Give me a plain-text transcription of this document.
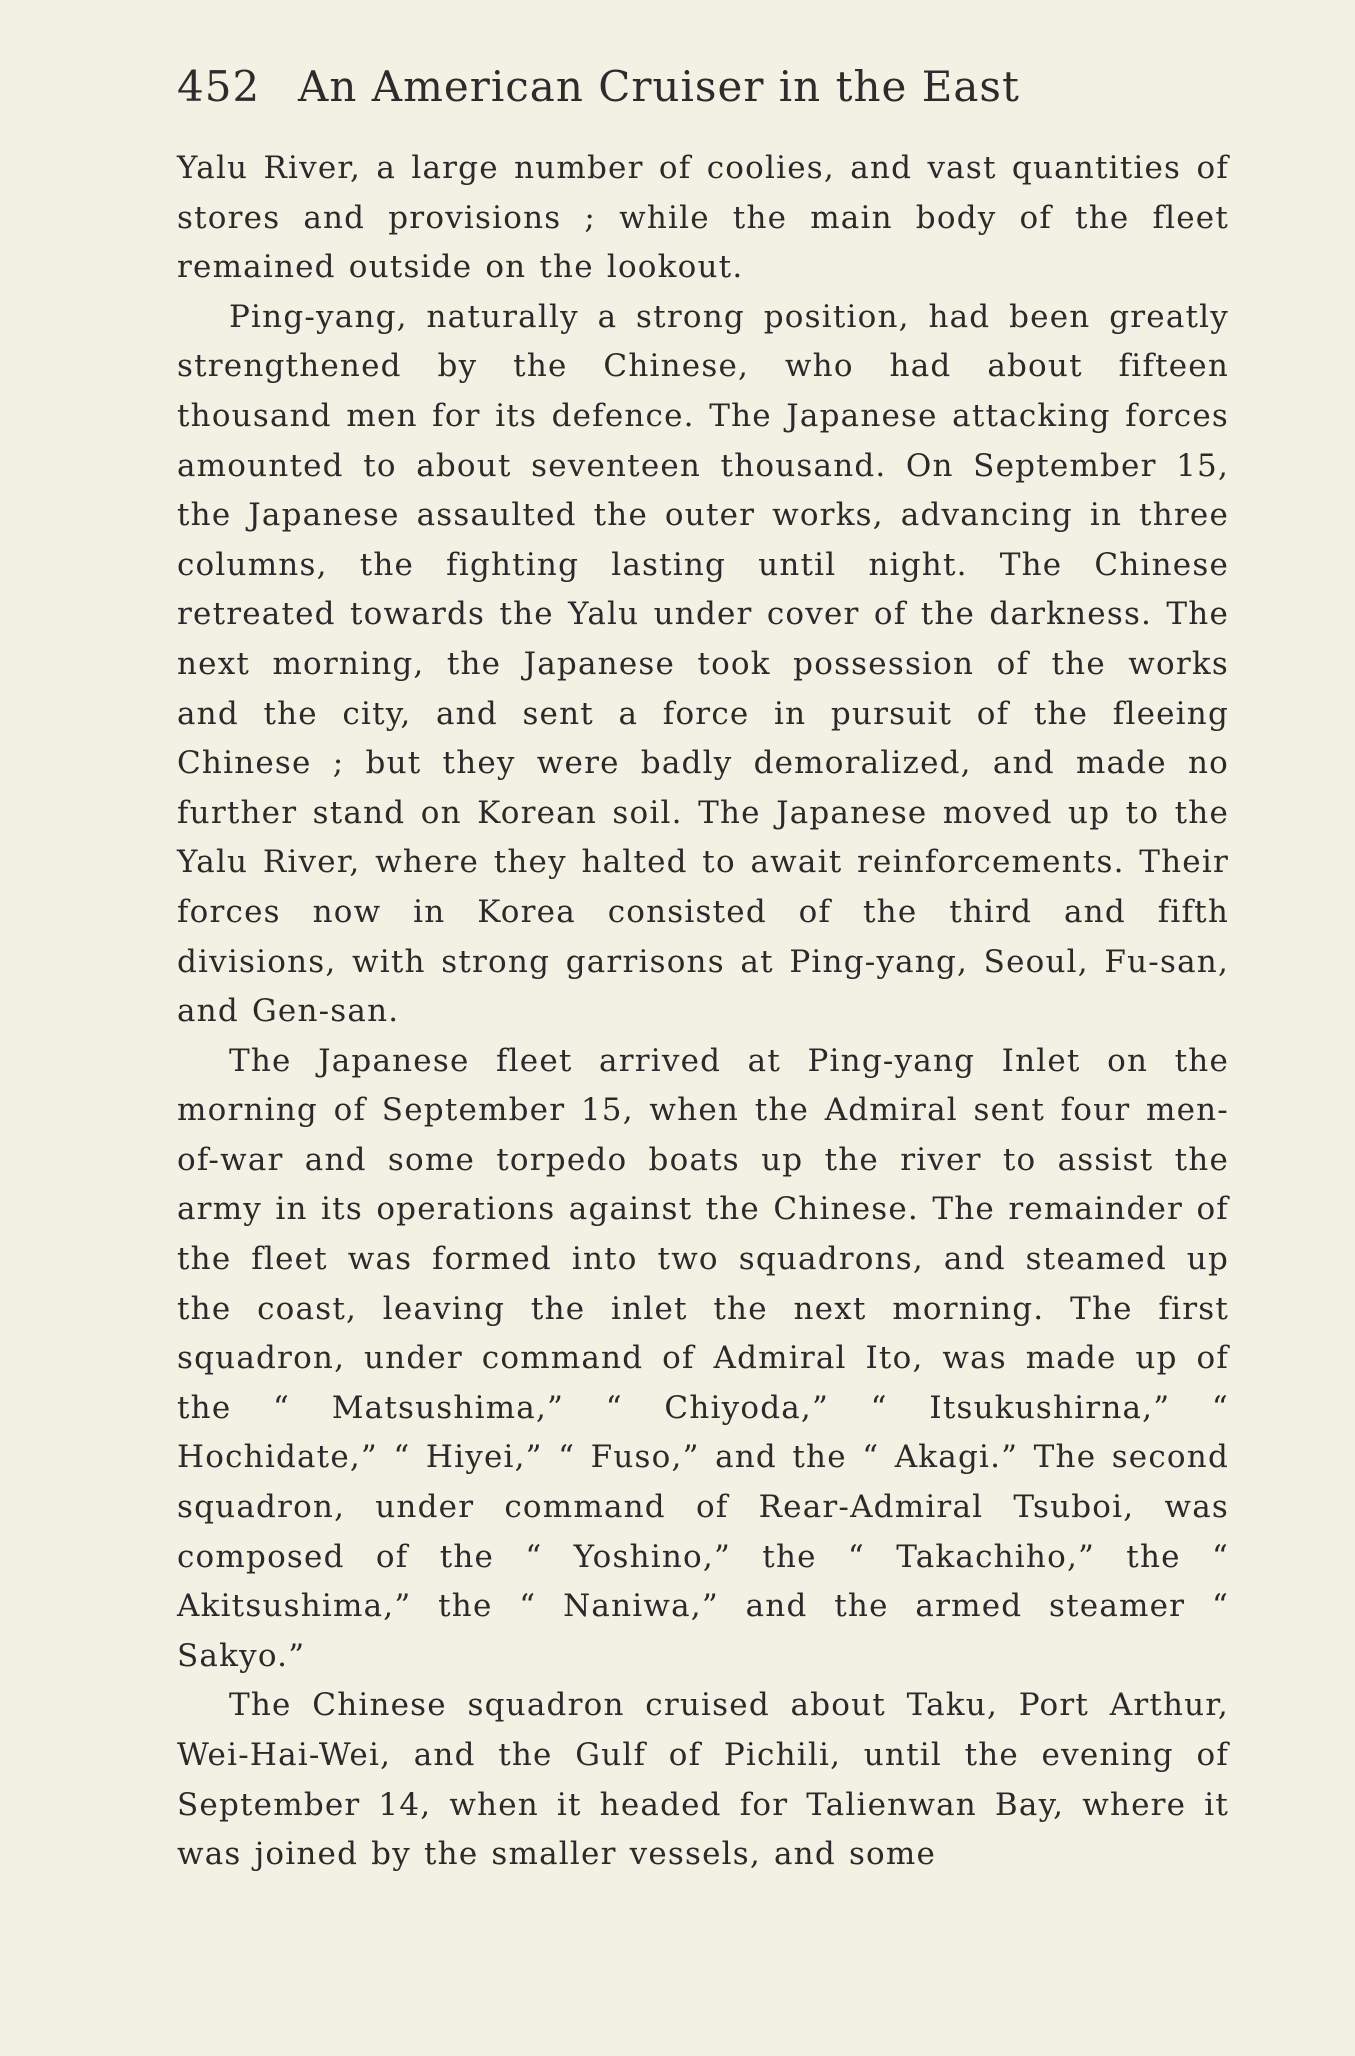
452 An American Cruiser in the East

Yalu River, a large number of coolies, and vast quantities of stores and provisions ; while the main body of the fleet remained outside on the lookout.

Ping-yang, naturally a strong position, had been greatly strengthened by the Chinese, who had about fifteen thousand men for its defence. The Japanese attacking forces amounted to about seventeen thousand. On September 15, the Japanese assaulted the outer works, advancing in three columns, the fighting lasting until night. The Chinese retreated towards the Yalu under cover of the darkness. The next morning, the Japanese took possession of the works and the city, and sent a force in pursuit of the fleeing Chinese ; but they were badly demoralized, and made no further stand on Korean soil. The Japanese moved up to the Yalu River, where they halted to await reinforcements. Their forces now in Korea consisted of the third and fifth divisions, with strong garrisons at Ping-yang, Seoul, Fu-san, and Gen-san.

The Japanese fleet arrived at Ping-yang Inlet on the morning of September 15, when the Admiral sent four men-of-war and some torpedo boats up the river to assist the army in its operations against the Chinese. The remainder of the fleet was formed into two squadrons, and steamed up the coast, leaving the inlet the next morning. The first squadron, under command of Admiral Ito, was made up of the “ Matsushima,” “ Chiyoda,” “ Itsukushirna,” “ Hochidate,” “ Hiyei,” “ Fuso,” and the “ Akagi.” The second squadron, under command of Rear-Admiral Tsuboi, was composed of the “ Yoshino,” the “ Takachiho,” the “ Akitsushima,” the “ Naniwa,” and the armed steamer “ Sakyo.”

The Chinese squadron cruised about Taku, Port Arthur, Wei-Hai-Wei, and the Gulf of Pichili, until the evening of September 14, when it headed for Talienwan Bay, where it was joined by the smaller vessels, and some
